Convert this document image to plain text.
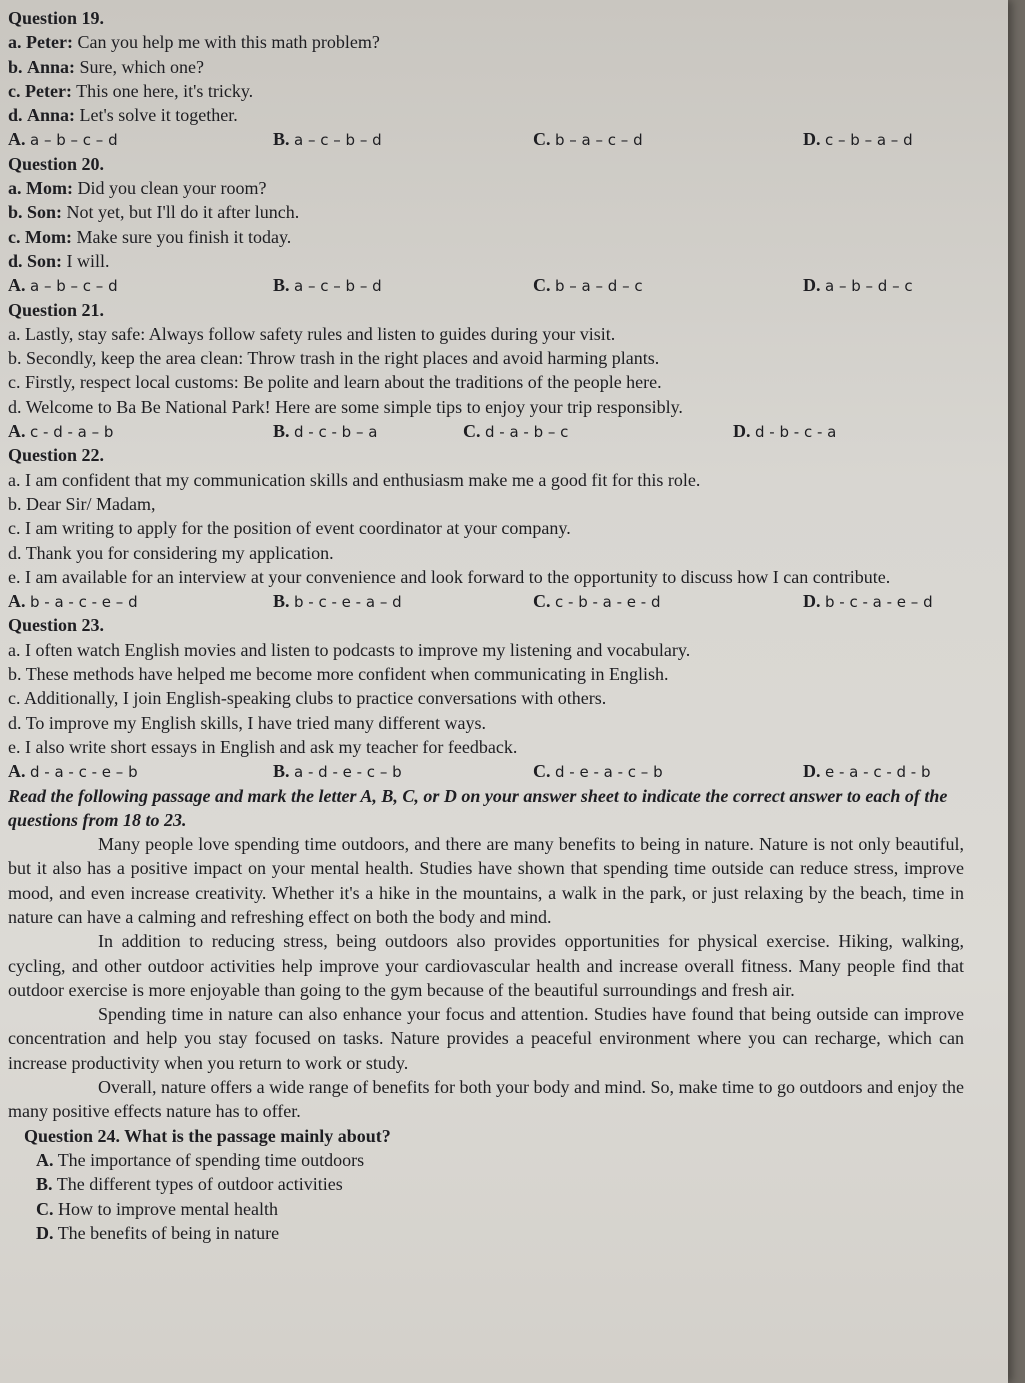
Question 19.
a. Peter: Can you help me with this math problem?
b. Anna: Sure, which one?
c. Peter: This one here, it's tricky.
d. Anna: Let's solve it together.
A. a – b – c – d	B. a – c – b – d	C. b – a – c – d	D. c – b – a – d
Question 20.
a. Mom: Did you clean your room?
b. Son: Not yet, but I'll do it after lunch.
c. Mom: Make sure you finish it today.
d. Son: I will.
A. a – b – c – d	B. a – c – b – d	C. b – a – d – c	D. a – b – d – c
Question 21.
a. Lastly, stay safe: Always follow safety rules and listen to guides during your visit.
b. Secondly, keep the area clean: Throw trash in the right places and avoid harming plants.
c. Firstly, respect local customs: Be polite and learn about the traditions of the people here.
d. Welcome to Ba Be National Park! Here are some simple tips to enjoy your trip responsibly.
A. c - d - a – b	B. d - c - b – a	C. d - a - b – c	D. d - b - c - a
Question 22.
a. I am confident that my communication skills and enthusiasm make me a good fit for this role.
b. Dear Sir/ Madam,
c. I am writing to apply for the position of event coordinator at your company.
d. Thank you for considering my application.
e. I am available for an interview at your convenience and look forward to the opportunity to discuss how I can contribute.
A. b - a - c - e – d	B. b - c - e - a – d	C. c - b - a - e - d	D. b - c - a - e – d
Question 23.
a. I often watch English movies and listen to podcasts to improve my listening and vocabulary.
b. These methods have helped me become more confident when communicating in English.
c. Additionally, I join English-speaking clubs to practice conversations with others.
d. To improve my English skills, I have tried many different ways.
e. I also write short essays in English and ask my teacher for feedback.
A. d - a - c - e – b	B. a - d - e - c – b	C. d - e - a - c – b	D. e - a - c - d - b
Read the following passage and mark the letter A, B, C, or D on your answer sheet to indicate the correct answer to each of the questions from 18 to 23.
Many people love spending time outdoors, and there are many benefits to being in nature. Nature is not only beautiful, but it also has a positive impact on your mental health. Studies have shown that spending time outside can reduce stress, improve mood, and even increase creativity. Whether it's a hike in the mountains, a walk in the park, or just relaxing by the beach, time in nature can have a calming and refreshing effect on both the body and mind.
In addition to reducing stress, being outdoors also provides opportunities for physical exercise. Hiking, walking, cycling, and other outdoor activities help improve your cardiovascular health and increase overall fitness. Many people find that outdoor exercise is more enjoyable than going to the gym because of the beautiful surroundings and fresh air.
Spending time in nature can also enhance your focus and attention. Studies have found that being outside can improve concentration and help you stay focused on tasks. Nature provides a peaceful environment where you can recharge, which can increase productivity when you return to work or study.
Overall, nature offers a wide range of benefits for both your body and mind. So, make time to go outdoors and enjoy the many positive effects nature has to offer.
Question 24. What is the passage mainly about?
A. The importance of spending time outdoors
B. The different types of outdoor activities
C. How to improve mental health
D. The benefits of being in nature
